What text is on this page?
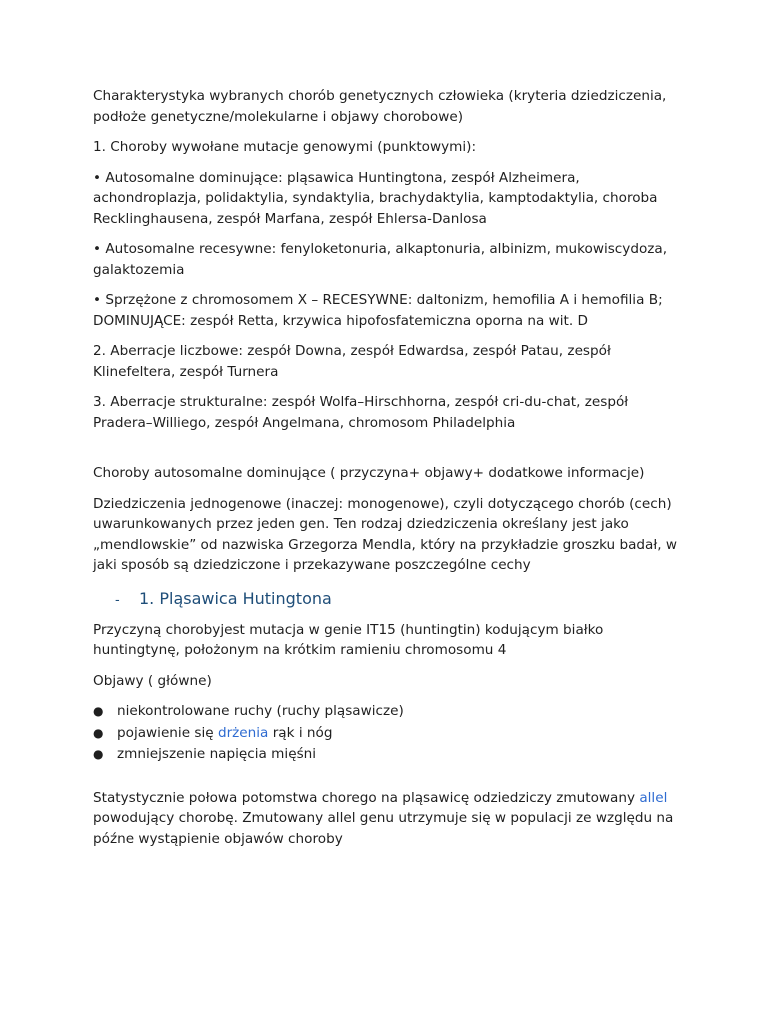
Charakterystyka wybranych chorób genetycznych człowieka (kryteria dziedziczenia, podłoże genetyczne/molekularne i objawy chorobowe)

1. Choroby wywołane mutacje genowymi (punktowymi):

• Autosomalne dominujące: pląsawica Huntingtona, zespół Alzheimera, achondroplazja, polidaktylia, syndaktylia, brachydaktylia, kamptodaktylia, choroba Recklinghausena, zespół Marfana, zespół Ehlersa-Danlosa

• Autosomalne recesywne: fenyloketonuria, alkaptonuria, albinizm, mukowiscydoza, galaktozemia

• Sprzężone z chromosomem X – RECESYWNE: daltonizm, hemofilia A i hemofilia B; DOMINUJĄCE: zespół Retta, krzywica hipofosfatemiczna oporna na wit. D

2. Aberracje liczbowe: zespół Downa, zespół Edwardsa, zespół Patau, zespół Klinefeltera, zespół Turnera

3. Aberracje strukturalne: zespół Wolfa–Hirschhorna, zespół cri-du-chat, zespół Pradera–Williego, zespół Angelmana, chromosom Philadelphia

Choroby autosomalne dominujące ( przyczyna+ objawy+ dodatkowe informacje)

Dziedziczenia jednogenowe (inaczej: monogenowe), czyli dotyczącego chorób (cech) uwarunkowanych przez jeden gen. Ten rodzaj dziedziczenia określany jest jako „mendlowskie” od nazwiska Grzegorza Mendla, który na przykładzie groszku badał, w jaki sposób są dziedziczone i przekazywane poszczególne cechy

-	1. Pląsawica Hutingtona

Przyczyną chorobyjest mutacja w genie IT15 (huntingtin) kodującym białko huntingtynę, położonym na krótkim ramieniu chromosomu 4

Objawy ( główne)

● niekontrolowane ruchy (ruchy pląsawicze)
● pojawienie się drżenia rąk i nóg
● zmniejszenie napięcia mięśni

Statystycznie połowa potomstwa chorego na pląsawicę odziedziczy zmutowany allel powodujący chorobę. Zmutowany allel genu utrzymuje się w populacji ze względu na późne wystąpienie objawów choroby
